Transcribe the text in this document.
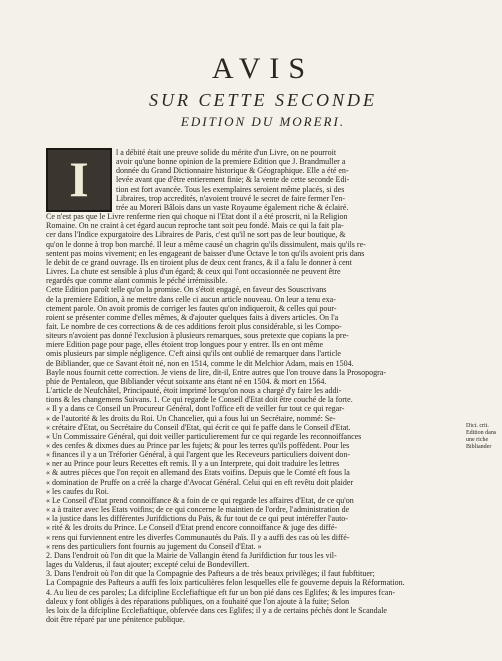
AVIS
SUR CETTE SECONDE
EDITION DU MORERI.
I	l a débité était une preuve solide du mérite d'un Livre, on ne pourroit
avoir qu'une bonne opinion de la premiere Edition que J. Brandmuller a
donnée du Grand Dictionnaire historique & Géographique. Elle a été en-
levée avant que d'être entierement finie; & la vente de cette seconde Edi-
tion est fort avancée. Tous les exemplaires seroient même placés, si des
Libraires, trop accredités, n'avoient trouvé le secret de faire fermer l'en-
trée au Moreri Bâlois dans un vaste Royaume également riche & éclairé.
Ce n'est pas que le Livre renferme rien qui choque ni l'Etat dont il a été proscrit, ni la Religion
Romaine. On ne craint à cet égard aucun reproche tant soit peu fondé. Mais ce qui la fait pla-
cer dans l'Indice expurgatoire des Libraires de Paris, c'est qu'il ne sort pas de leur boutique, &
qu'on le donne à trop bon marché. Il leur a même causé un chagrin qu'ils dissimulent, mais qu'ils re-
sentent pas moins vivement; en les engageant de baisser d'une Octave le ton qu'ils avoient pris dans
le debit de ce grand ouvrage. Ils en tiroient plus de deux cent francs, & il a falu le donner à cent
Livres. La chute est sensible à plus d'un égard; & ceux qui l'ont occasionnée ne peuvent être
regardés que comme aïant commis le péché irrémissible.
Cette Edition paroît telle qu'on la promise. On s'étoit engagé, en faveur des Souscrivans
de la premiere Edition, à ne mettre dans celle ci aucun article nouveau. On leur a tenu exa-
ctement parole. On avoit promis de corriger les fautes qu'on indiqueroit, & celles qui pour-
roient se présenter comme d'elles mêmes, & d'ajouter quelques faits à divers articles. On l'a
fait. Le nombre de ces corrections & de ces additions feroit plus considérable, si les Compo-
siteurs n'avoient pas donné l'exclusion à plusieurs remarques, sous pretexte que copians la pre-
miere Edition page pour page, elles étoient trop longues pour y entrer. Ils en ont même
omis plusieurs par simple négligence. C'eft ainsi qu'ils ont oublié de remarquer dans l'article
de Bibliander, que ce Savant étoit né, non en 1514, comme le dit Melchior Adam, mais en 1504.
Bayle nous fournit cette correction. Je viens de lire, dit-il, Entre autres que l'on trouve dans la Prosopogra-
phie de Pentaleon, que Bibliander vécut soixante ans étant né en 1504. & mort en 1564.
L'article de Neufchâtel, Principauté, étoit imprimé lorsqu'on nous a chargé d'y faire les addi-
tions & les changemens Suivans. 1. Ce qui regarde le Conseil d'Etat doit être couché de la forte.
« Il y a dans ce Conseil un Procureur Général, dont l'office eft de veiller fur tout ce qui regar-
« de l'autorité & les droits du Roi. Un Chancelier, qui a fous lui un Secrétaire, nommé: Se-
« crétaire d'Etat, ou Secrétaire du Conseil d'Etat, qui écrit ce qui fe paffe dans le Conseil d'Etat.
« Un Commissaire Général, qui doit veiller particulierement fur ce qui regarde les reconnoiffances
« des cenfes & dixmes dues au Prince par les fujets; & pour les terres qu'ils poffèdent. Pour les
« finances il y a un Tréforier Général, à qui l'argent que les Receveurs particuliers doivent don-
« ner au Prince pour leurs Recettes eft remis. Il y a un Interprete, qui doit traduire les lettres
« & autres pièces que l'on reçoit en allemand des Etats voifins. Depuis que le Comté eft fous la
« domination de Pruffe on a créé la charge d'Avocat Général. Celui qui en eft revêtu doit plaider
« les caufes du Roi.
« Le Conseil d'Etat prend connoiffance & a foin de ce qui regarde les affaires d'Etat, de ce qu'on
« a à traiter avec les Etats voifins; de ce qui concerne le maintien de l'ordre, l'administration de
« la justice dans les différentes Jurifdictions du Païs, & fur tout de ce qui peut intéreffer l'auto-
« rité & les droits du Prince. Le Conseil d'Etat prend encore connoiffance & juge des diffé-
« rens qui furviennent entre les diverfes Communautés du Païs. Il y a auffi des cas où les diffé-
« rens des particuliers font fournis au jugement du Conseil d'Etat. »
2. Dans l'endroit où l'on dit que la Mairie de Vallangin étend fa Jurifdiction fur tous les vil-
lages du Valderus, il faut ajouter; excepté celui de Bondevillert.
3. Dans l'endroit où l'on dit que la Compagnie des Pafteurs a de très beaux privilèges; il faut fubftituer;
La Compagnie des Pafteurs a auffi fes loix particulières felon lesquelles elle fe gouverne depuis la Réformation.
4. Au lieu de ces paroles; La difcipline Ecclefiaftique eft fur un bon pié dans ces Eglifes; & les impures fcan-
daleux y font obligés à des réparations publiques, on a fouhaité que l'on ajoute à la fuite; Selon
les loix de la difcipline Ecclefiaftique, obfervée dans ces Eglifes; il y a de certains péchés dont le Scandale
doit être réparé par une pénitence publique.
Dict. crit. Edition dans une riche Bibliander
